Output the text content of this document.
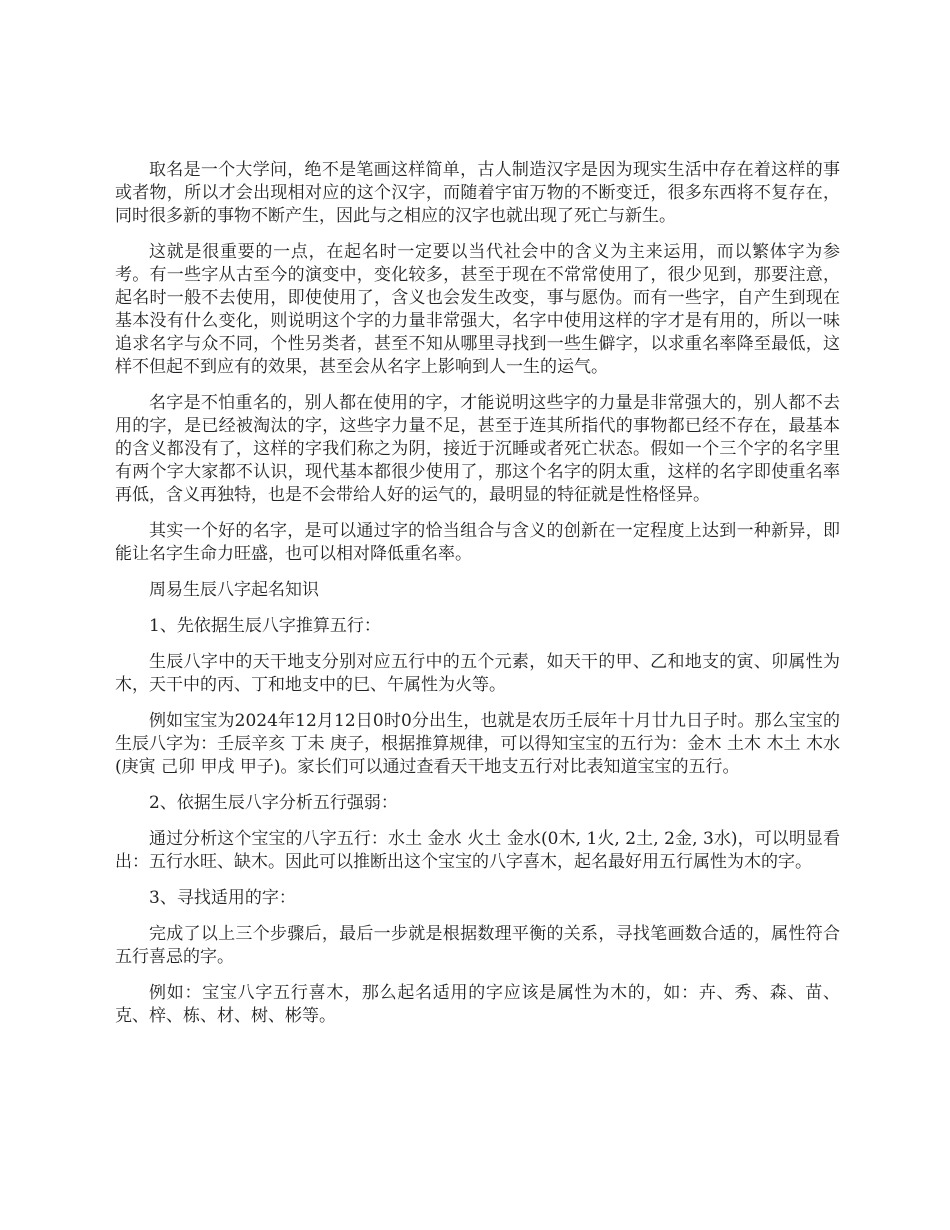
取名是一个大学问，绝不是笔画这样简单，古人制造汉字是因为现实生活中存在着这样的事或者物，所以才会出现相对应的这个汉字，而随着宇宙万物的不断变迁，很多东西将不复存在，同时很多新的事物不断产生，因此与之相应的汉字也就出现了死亡与新生。

这就是很重要的一点，在起名时一定要以当代社会中的含义为主来运用，而以繁体字为参考。有一些字从古至今的演变中，变化较多，甚至于现在不常常使用了，很少见到，那要注意，起名时一般不去使用，即使使用了，含义也会发生改变，事与愿伪。而有一些字，自产生到现在基本没有什么变化，则说明这个字的力量非常强大，名字中使用这样的字才是有用的，所以一味追求名字与众不同，个性另类者，甚至不知从哪里寻找到一些生僻字，以求重名率降至最低，这样不但起不到应有的效果，甚至会从名字上影响到人一生的运气。

名字是不怕重名的，别人都在使用的字，才能说明这些字的力量是非常强大的，别人都不去用的字，是已经被淘汰的字，这些字力量不足，甚至于连其所指代的事物都已经不存在，最基本的含义都没有了，这样的字我们称之为阴，接近于沉睡或者死亡状态。假如一个三个字的名字里有两个字大家都不认识，现代基本都很少使用了，那这个名字的阴太重，这样的名字即使重名率再低，含义再独特，也是不会带给人好的运气的，最明显的特征就是性格怪异。

其实一个好的名字，是可以通过字的恰当组合与含义的创新在一定程度上达到一种新异，即能让名字生命力旺盛，也可以相对降低重名率。

周易生辰八字起名知识

1、先依据生辰八字推算五行：

生辰八字中的天干地支分别对应五行中的五个元素，如天干的甲、乙和地支的寅、卯属性为木，天干中的丙、丁和地支中的巳、午属性为火等。

例如宝宝为2024年12月12日0时0分出生，也就是农历壬辰年十月廿九日子时。那么宝宝的生辰八字为：壬辰辛亥 丁未 庚子，根据推算规律，可以得知宝宝的五行为：金木 土木 木土 木水(庚寅 己卯 甲戌 甲子)。家长们可以通过查看天干地支五行对比表知道宝宝的五行。

2、依据生辰八字分析五行强弱：

通过分析这个宝宝的八字五行：水土 金水 火土 金水(0木, 1火, 2土, 2金, 3水)，可以明显看出：五行水旺、缺木。因此可以推断出这个宝宝的八字喜木，起名最好用五行属性为木的字。

3、寻找适用的字：

完成了以上三个步骤后，最后一步就是根据数理平衡的关系，寻找笔画数合适的，属性符合五行喜忌的字。

例如：宝宝八字五行喜木，那么起名适用的字应该是属性为木的，如：卉、秀、森、苗、克、梓、栋、材、树、彬等。
